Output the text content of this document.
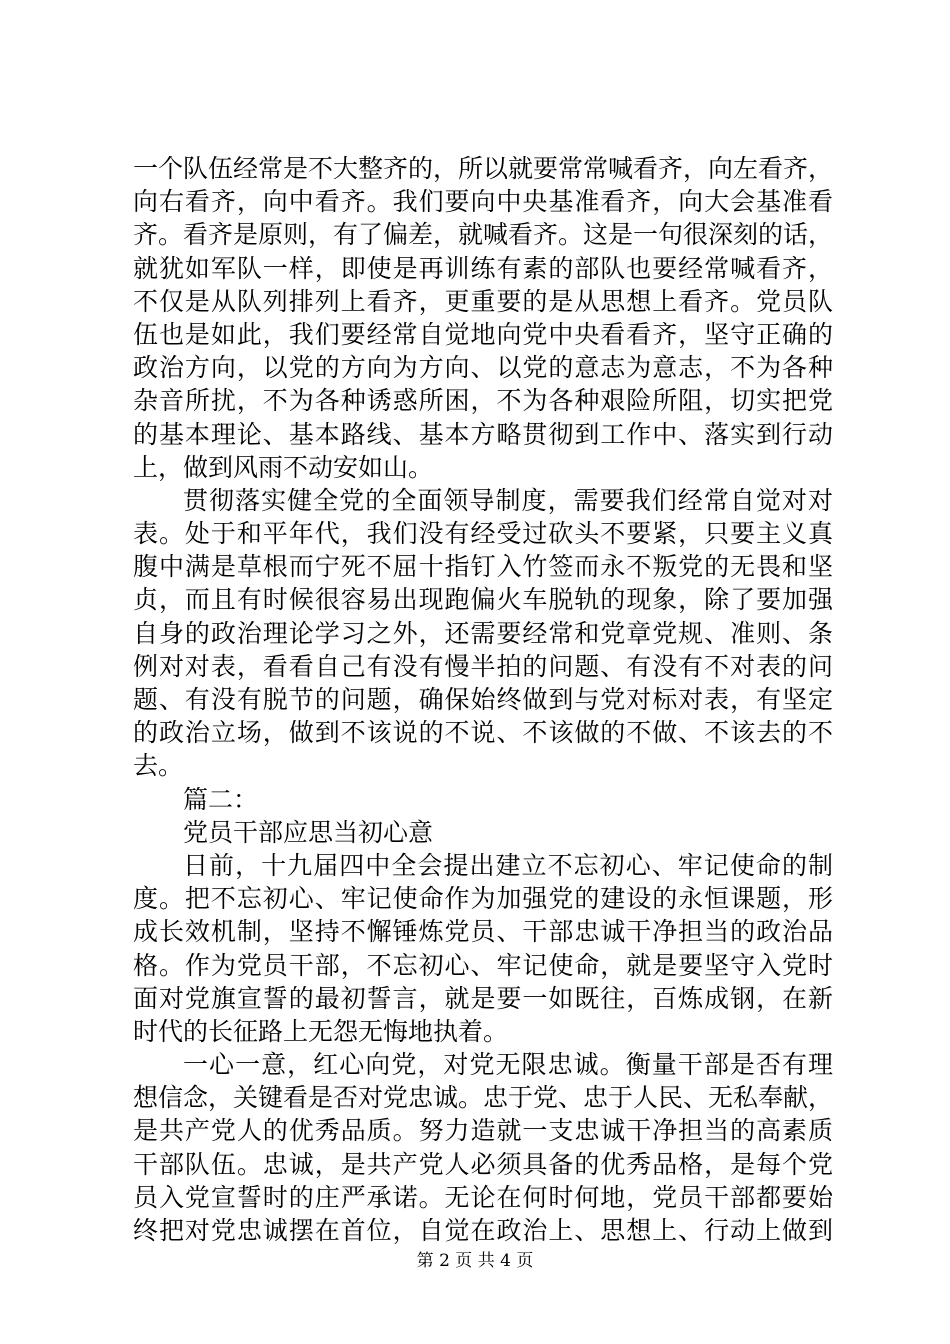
一个队伍经常是不大整齐的，所以就要常常喊看齐，向左看齐，
向右看齐，向中看齐。我们要向中央基准看齐，向大会基准看
齐。看齐是原则，有了偏差，就喊看齐。这是一句很深刻的话，
就犹如军队一样，即使是再训练有素的部队也要经常喊看齐，
不仅是从队列排列上看齐，更重要的是从思想上看齐。党员队
伍也是如此，我们要经常自觉地向党中央看看齐，坚守正确的
政治方向，以党的方向为方向、以党的意志为意志，不为各种
杂音所扰，不为各种诱惑所困，不为各种艰险所阻，切实把党
的基本理论、基本路线、基本方略贯彻到工作中、落实到行动
上，做到风雨不动安如山。
贯彻落实健全党的全面领导制度，需要我们经常自觉对对
表。处于和平年代，我们没有经受过砍头不要紧，只要主义真
腹中满是草根而宁死不屈十指钉入竹签而永不叛党的无畏和坚
贞，而且有时候很容易出现跑偏火车脱轨的现象，除了要加强
自身的政治理论学习之外，还需要经常和党章党规、准则、条
例对对表，看看自己有没有慢半拍的问题、有没有不对表的问
题、有没有脱节的问题，确保始终做到与党对标对表，有坚定
的政治立场，做到不该说的不说、不该做的不做、不该去的不
去。
篇二：
党员干部应思当初心意
日前，十九届四中全会提出建立不忘初心、牢记使命的制
度。把不忘初心、牢记使命作为加强党的建设的永恒课题，形
成长效机制，坚持不懈锤炼党员、干部忠诚干净担当的政治品
格。作为党员干部，不忘初心、牢记使命，就是要坚守入党时
面对党旗宣誓的最初誓言，就是要一如既往，百炼成钢，在新
时代的长征路上无怨无悔地执着。
一心一意，红心向党，对党无限忠诚。衡量干部是否有理
想信念，关键看是否对党忠诚。忠于党、忠于人民、无私奉献，
是共产党人的优秀品质。努力造就一支忠诚干净担当的高素质
干部队伍。忠诚，是共产党人必须具备的优秀品格，是每个党
员入党宣誓时的庄严承诺。无论在何时何地，党员干部都要始
终把对党忠诚摆在首位，自觉在政治上、思想上、行动上做到
第 2 页 共 4 页
